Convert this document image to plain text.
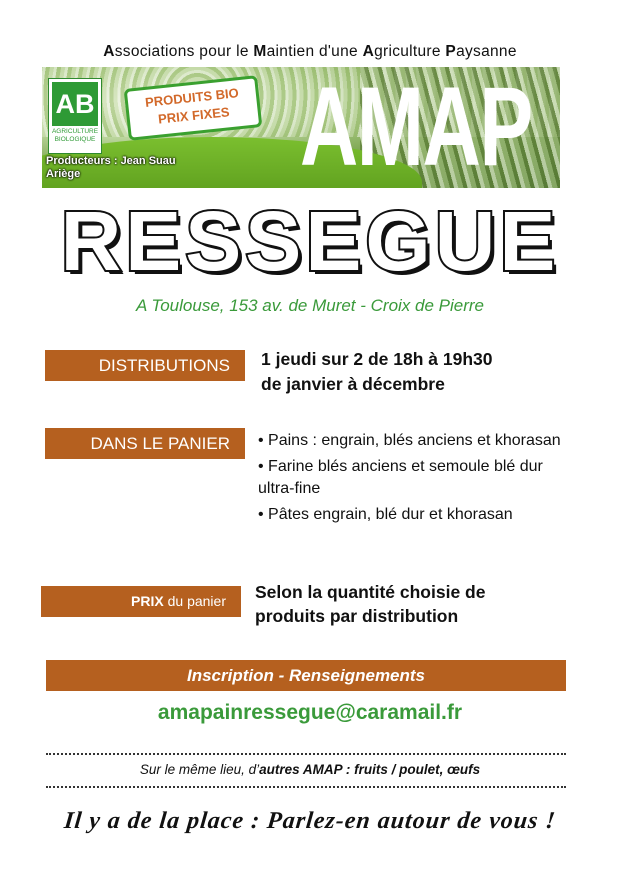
Associations pour le Maintien d'une Agriculture Paysanne
AB
AGRICULTURE
BIOLOGIQUE
PRODUITS BIO
PRIX FIXES AMAP
Producteurs : Jean Suau
Ariège
RESSEGUE
A Toulouse, 153 av. de Muret - Croix de Pierre
DISTRIBUTIONS	1 jeudi sur 2 de 18h à 19h30
de janvier à décembre
DANS LE PANIER	• Pains : engrain, blés anciens et khorasan
• Farine blés anciens et semoule blé dur ultra-fine
• Pâtes engrain, blé dur et khorasan
PRIX du panier	Selon la quantité choisie de
produits par distribution
Inscription - Renseignements
amapainressegue@caramail.fr
Sur le même lieu, d’autres AMAP : fruits / poulet, œufs
Il y a de la place : Parlez-en autour de vous !
